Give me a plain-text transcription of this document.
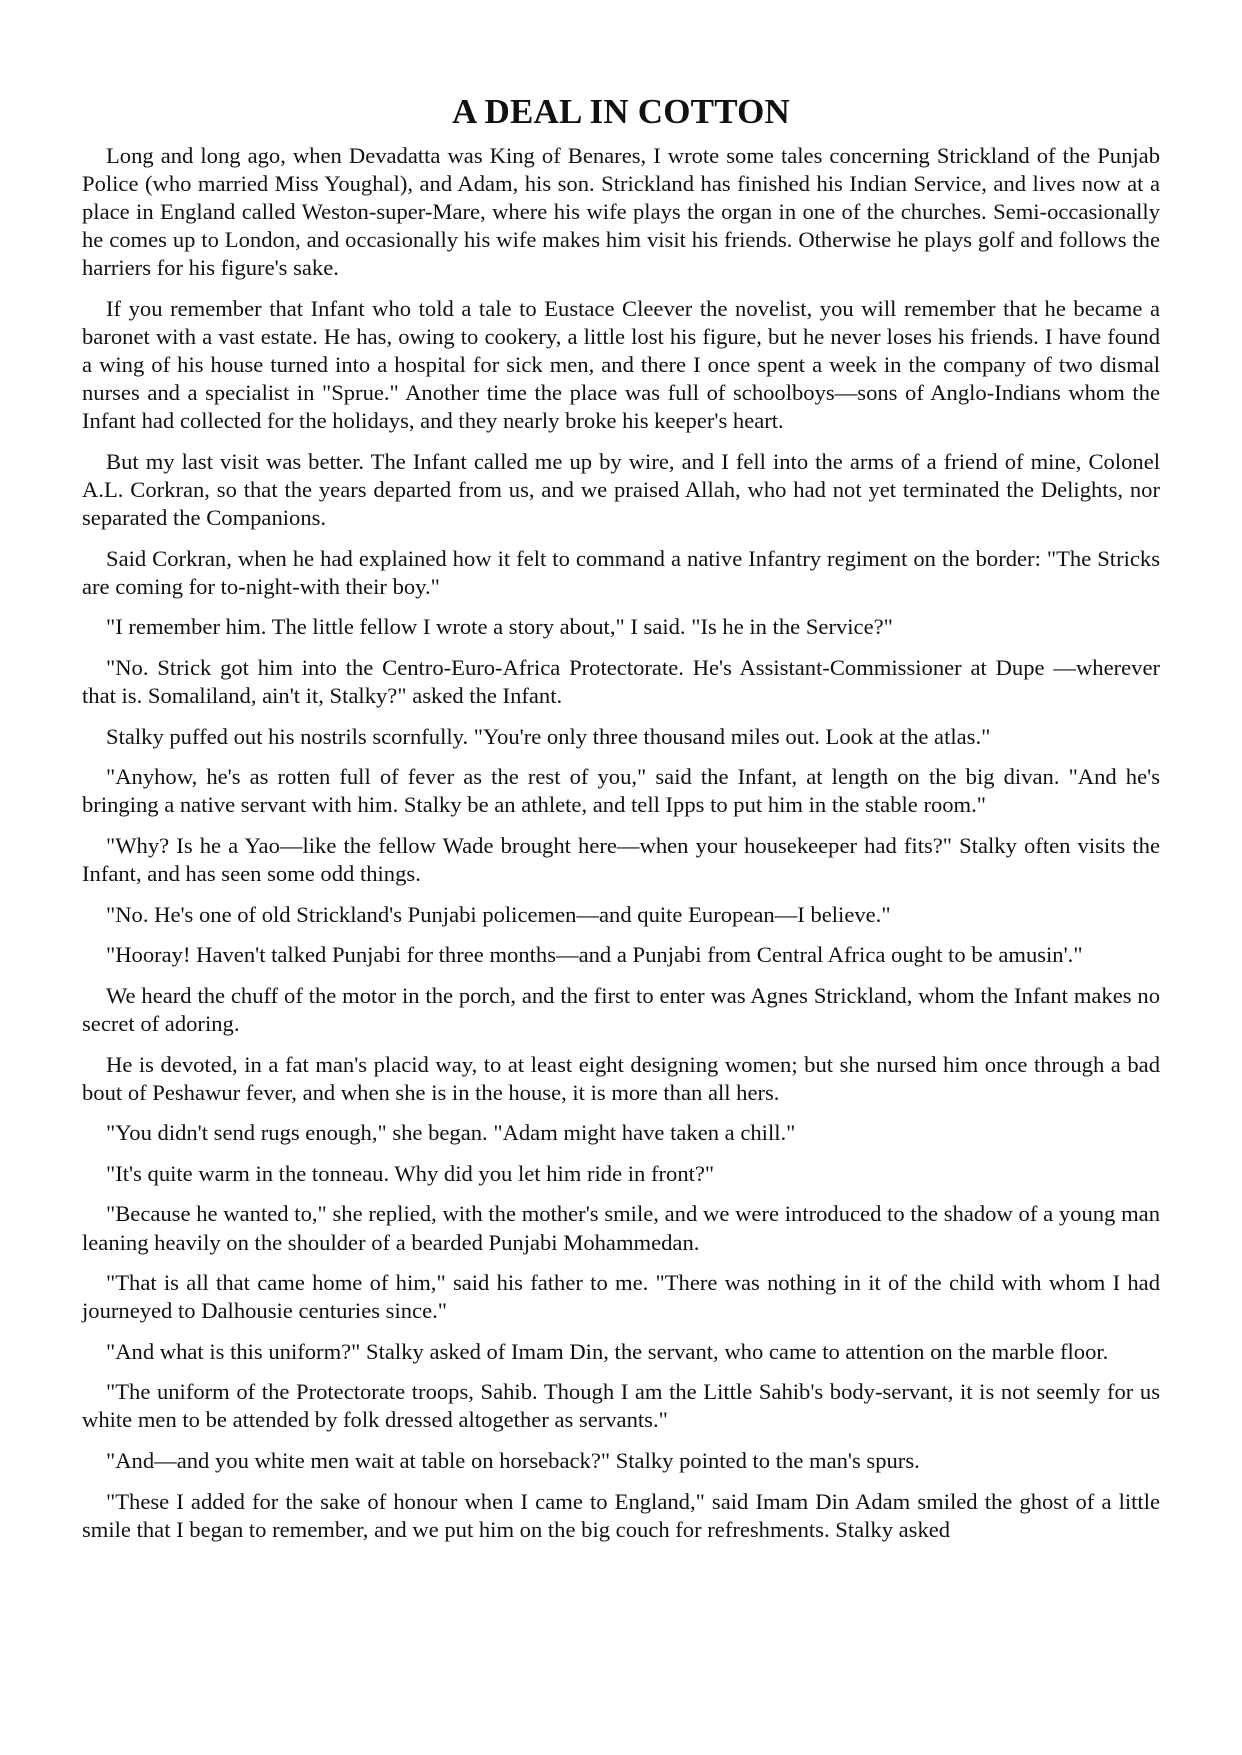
A DEAL IN COTTON

Long and long ago, when Devadatta was King of Benares, I wrote some tales concerning Strickland of the Punjab Police (who married Miss Youghal), and Adam, his son. Strickland has finished his Indian Service, and lives now at a place in England called Weston-super-Mare, where his wife plays the organ in one of the churches. Semi-occasionally he comes up to London, and occasionally his wife makes him visit his friends. Otherwise he plays golf and follows the harriers for his figure's sake.

If you remember that Infant who told a tale to Eustace Cleever the novelist, you will remember that he became a baronet with a vast estate. He has, owing to cookery, a little lost his figure, but he never loses his friends. I have found a wing of his house turned into a hospital for sick men, and there I once spent a week in the company of two dismal nurses and a specialist in "Sprue." Another time the place was full of schoolboys—sons of Anglo-Indians whom the Infant had collected for the holidays, and they nearly broke his keeper's heart.

But my last visit was better. The Infant called me up by wire, and I fell into the arms of a friend of mine, Colonel A.L. Corkran, so that the years departed from us, and we praised Allah, who had not yet terminated the Delights, nor separated the Companions.

Said Corkran, when he had explained how it felt to command a native Infantry regiment on the border: "The Stricks are coming for to-night-with their boy."

"I remember him. The little fellow I wrote a story about," I said. "Is he in the Service?"

"No. Strick got him into the Centro-Euro-Africa Protectorate. He's Assistant-Commissioner at Dupe —wherever that is. Somaliland, ain't it, Stalky?" asked the Infant.

Stalky puffed out his nostrils scornfully. "You're only three thousand miles out. Look at the atlas."

"Anyhow, he's as rotten full of fever as the rest of you," said the Infant, at length on the big divan. "And he's bringing a native servant with him. Stalky be an athlete, and tell Ipps to put him in the stable room."

"Why? Is he a Yao—like the fellow Wade brought here—when your housekeeper had fits?" Stalky often visits the Infant, and has seen some odd things.

"No. He's one of old Strickland's Punjabi policemen—and quite European—I believe."

"Hooray! Haven't talked Punjabi for three months—and a Punjabi from Central Africa ought to be amusin'."

We heard the chuff of the motor in the porch, and the first to enter was Agnes Strickland, whom the Infant makes no secret of adoring.

He is devoted, in a fat man's placid way, to at least eight designing women; but she nursed him once through a bad bout of Peshawur fever, and when she is in the house, it is more than all hers.

"You didn't send rugs enough," she began. "Adam might have taken a chill."

"It's quite warm in the tonneau. Why did you let him ride in front?"

"Because he wanted to," she replied, with the mother's smile, and we were introduced to the shadow of a young man leaning heavily on the shoulder of a bearded Punjabi Mohammedan.

"That is all that came home of him," said his father to me. "There was nothing in it of the child with whom I had journeyed to Dalhousie centuries since."

"And what is this uniform?" Stalky asked of Imam Din, the servant, who came to attention on the marble floor.

"The uniform of the Protectorate troops, Sahib. Though I am the Little Sahib's body-servant, it is not seemly for us white men to be attended by folk dressed altogether as servants."

"And—and you white men wait at table on horseback?" Stalky pointed to the man's spurs.

"These I added for the sake of honour when I came to England," said Imam Din Adam smiled the ghost of a little smile that I began to remember, and we put him on the big couch for refreshments. Stalky asked
